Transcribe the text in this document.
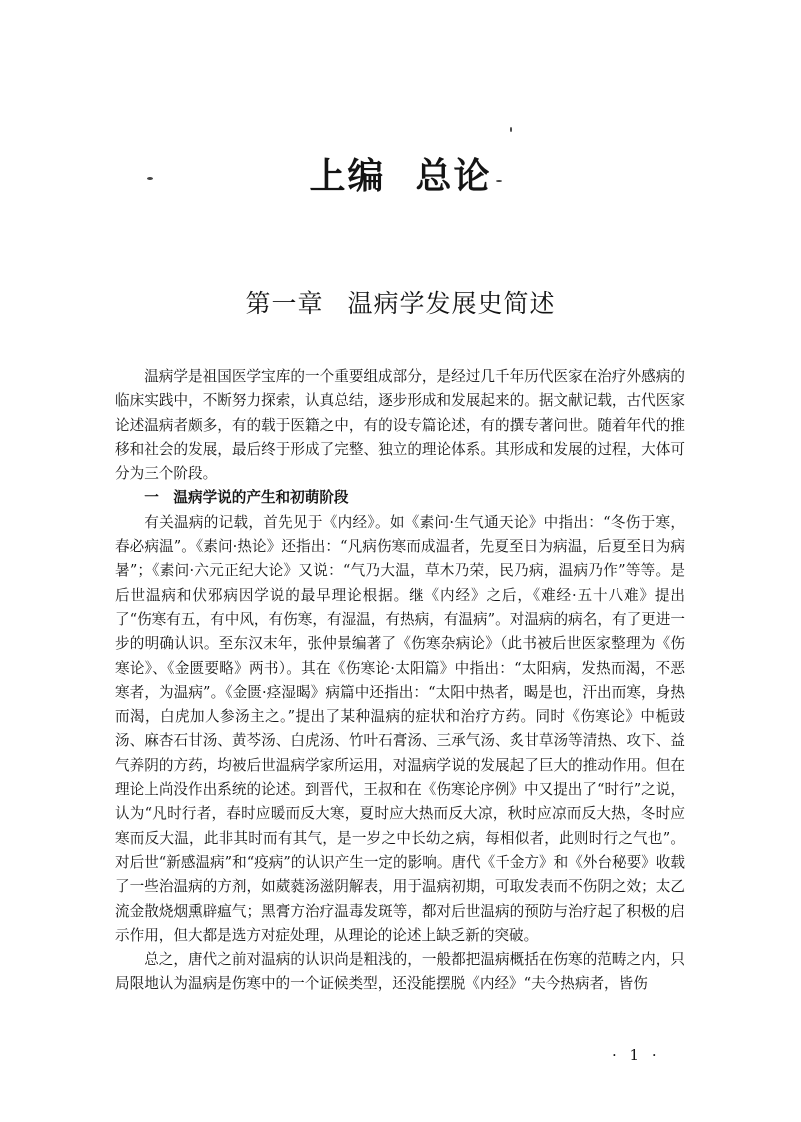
上编 总论
第一章 温病学发展史简述

温病学是祖国医学宝库的一个重要组成部分，是经过几千年历代医家在治疗外感病的临床实践中，不断努力探索，认真总结，逐步形成和发展起来的。据文献记载，古代医家论述温病者颇多，有的载于医籍之中，有的设专篇论述，有的撰专著问世。随着年代的推移和社会的发展，最后终于形成了完整、独立的理论体系。其形成和发展的过程，大体可分为三个阶段。

一　温病学说的产生和初萌阶段

有关温病的记载，首先见于《内经》。如《素问·生气通天论》中指出：“冬伤于寒，春必病温”。《素问·热论》还指出：“凡病伤寒而成温者，先夏至日为病温，后夏至日为病暑”；《素问·六元正纪大论》又说：“气乃大温，草木乃荣，民乃病，温病乃作”等等。是后世温病和伏邪病因学说的最早理论根据。继《内经》之后，《难经·五十八难》提出了“伤寒有五，有中风，有伤寒，有湿温，有热病，有温病”。对温病的病名，有了更进一步的明确认识。至东汉末年，张仲景编著了《伤寒杂病论》（此书被后世医家整理为《伤寒论》、《金匮要略》两书）。其在《伤寒论·太阳篇》中指出：“太阳病，发热而渴，不恶寒者，为温病”。《金匮·痉湿暍》病篇中还指出：“太阳中热者，暍是也，汗出而寒，身热而渴，白虎加人参汤主之。”提出了某种温病的症状和治疗方药。同时《伤寒论》中栀豉汤、麻杏石甘汤、黄芩汤、白虎汤、竹叶石膏汤、三承气汤、炙甘草汤等清热、攻下、益气养阴的方药，均被后世温病学家所运用，对温病学说的发展起了巨大的推动作用。但在理论上尚没作出系统的论述。到晋代，王叔和在《伤寒论序例》中又提出了“时行”之说，认为“凡时行者，春时应暖而反大寒，夏时应大热而反大凉，秋时应凉而反大热，冬时应寒而反大温，此非其时而有其气，是一岁之中长幼之病，每相似者，此则时行之气也”。对后世“新感温病”和“疫病”的认识产生一定的影响。唐代《千金方》和《外台秘要》收载了一些治温病的方剂，如葳蕤汤滋阴解表，用于温病初期，可取发表而不伤阴之效；太乙流金散烧烟熏辟瘟气；黑膏方治疗温毒发斑等，都对后世温病的预防与治疗起了积极的启示作用，但大都是选方对症处理，从理论的论述上缺乏新的突破。

总之，唐代之前对温病的认识尚是粗浅的，一般都把温病概括在伤寒的范畴之内，只局限地认为温病是伤寒中的一个证候类型，还没能摆脱《内经》“夫今热病者，皆伤

· 1 ·
